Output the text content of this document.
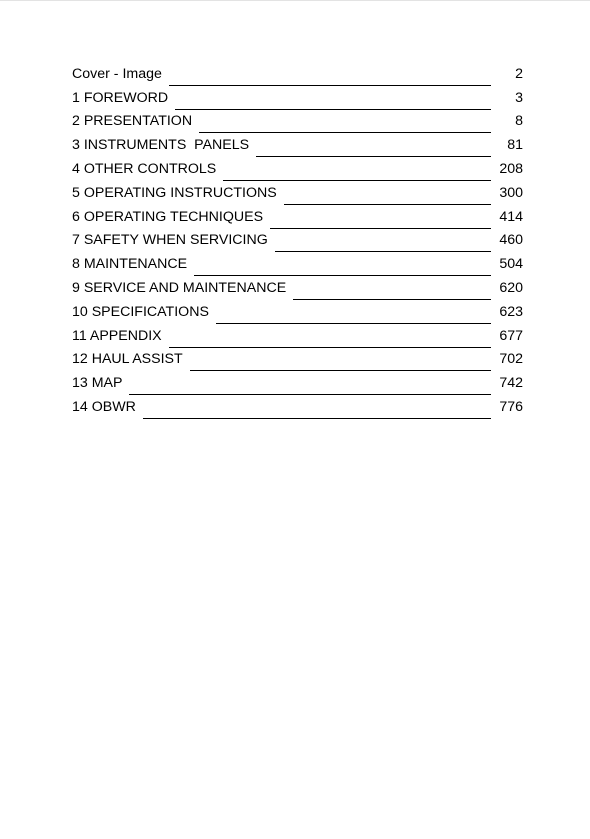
Cover - Image	2
1 FOREWORD	3
2 PRESENTATION	8
3 INSTRUMENTS  PANELS	81
4 OTHER CONTROLS	208
5 OPERATING INSTRUCTIONS	300
6 OPERATING TECHNIQUES	414
7 SAFETY WHEN SERVICING	460
8 MAINTENANCE	504
9 SERVICE AND MAINTENANCE	620
10 SPECIFICATIONS	623
11 APPENDIX	677
12 HAUL ASSIST	702
13 MAP	742
14 OBWR	776
